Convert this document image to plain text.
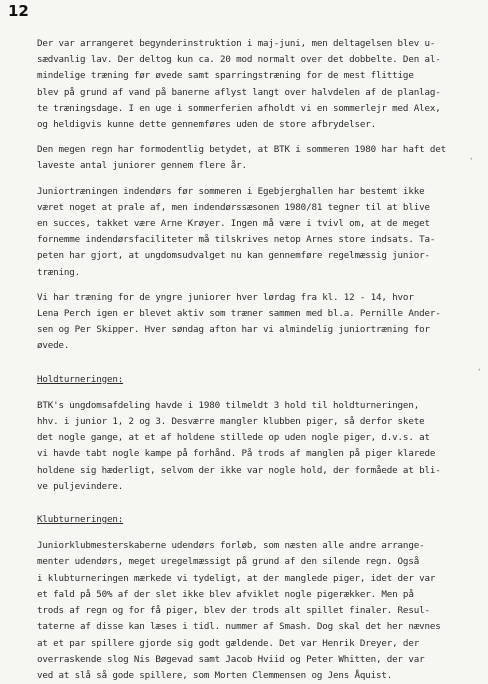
12

Der var arrangeret begynderinstruktion i maj-juni, men deltagelsen blev u-
sædvanlig lav. Der deltog kun ca. 20 mod normalt over det dobbelte. Den al-
mindelige træning før øvede samt sparringstræning for de mest flittige
blev på grund af vand på banerne aflyst langt over halvdelen af de planlag-
te træningsdage. I en uge i sommerferien afholdt vi en sommerlejr med Alex,
og heldigvis kunne dette gennemføres uden de store afbrydelser.

Den megen regn har formodentlig betydet, at BTK i sommeren 1980 har haft det
laveste antal juniorer gennem flere år.

Juniortræningen indendørs før sommeren i Egebjerghallen har bestemt ikke
været noget at prale af, men indendørssæsonen 1980/81 tegner til at blive
en succes, takket være Arne Krøyer. Ingen må være i tvivl om, at de meget
fornemme indendørsfaciliteter må tilskrives netop Arnes store indsats. Ta-
peten har gjort, at ungdomsudvalget nu kan gennemføre regelmæssig junior-
træning.

Vi har træning for de yngre juniorer hver lørdag fra kl. 12 - 14, hvor
Lena Perch igen er blevet aktiv som træner sammen med bl.a. Pernille Ander-
sen og Per Skipper. Hver søndag afton har vi almindelig juniortræning for
øvede.

Holdturneringen:

BTK's ungdomsafdeling havde i 1980 tilmeldt 3 hold til holdturneringen,
hhv. i junior 1, 2 og 3. Desværre mangler klubben piger, så derfor skete
det nogle gange, at et af holdene stillede op uden nogle piger, d.v.s. at
vi havde tabt nogle kampe på forhånd. På trods af manglen på piger klarede
holdene sig hæderligt, selvom der ikke var nogle hold, der formåede at bli-
ve puljevindere.

Klubturneringen:

Juniorklubmesterskaberne udendørs forløb, som næsten alle andre arrange-
menter udendørs, meget uregelmæssigt på grund af den silende regn. Også
i klubturneringen mærkede vi tydeligt, at der manglede piger, idet der var
et fald på 50% af der slet ikke blev afviklet nogle pigerækker. Men på
trods af regn og for få piger, blev der trods alt spillet finaler. Resul-
taterne af disse kan læses i tidl. nummer af Smash. Dog skal det her nævnes
at et par spillere gjorde sig godt gældende. Det var Henrik Dreyer, der
overraskende slog Nis Bøgevad samt Jacob Hviid og Peter Whitten, der var
ved at slå så gode spillere, som Morten Clemmensen og Jens Åquist.

,
,
